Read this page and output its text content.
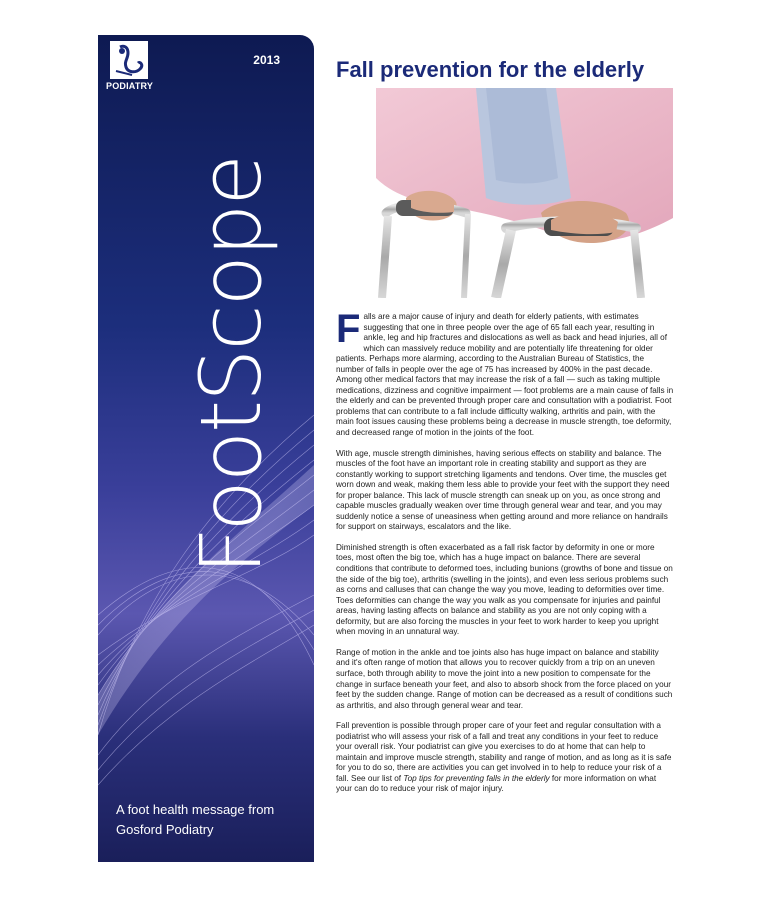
PODIATRY
2013
FootScope
A foot health message from
Gosford Podiatry
Fall prevention for the elderly

Falls are a major cause of injury and death for elderly patients, with estimates suggesting that one in three people over the age of 65 fall each year, resulting in ankle, leg and hip fractures and dislocations as well as back and head injuries, all of which can massively reduce mobility and are potentially life threatening for older patients. Perhaps more alarming, according to the Australian Bureau of Statistics, the number of falls in people over the age of 75 has increased by 400% in the past decade. Among other medical factors that may increase the risk of a fall — such as taking multiple medications, dizziness and cognitive impairment — foot problems are a main cause of falls in the elderly and can be prevented through proper care and consultation with a podiatrist. Foot problems that can contribute to a fall include difficulty walking, arthritis and pain, with the main foot issues causing these problems being a decrease in muscle strength, toe deformity, and decreased range of motion in the joints of the foot.

With age, muscle strength diminishes, having serious effects on stability and balance. The muscles of the foot have an important role in creating stability and support as they are constantly working to support stretching ligaments and tendons. Over time, the muscles get worn down and weak, making them less able to provide your feet with the support they need for proper balance. This lack of muscle strength can sneak up on you, as once strong and capable muscles gradually weaken over time through general wear and tear, and you may suddenly notice a sense of uneasiness when getting around and more reliance on handrails for support on stairways, escalators and the like.

Diminished strength is often exacerbated as a fall risk factor by deformity in one or more toes, most often the big toe, which has a huge impact on balance. There are several conditions that contribute to deformed toes, including bunions (growths of bone and tissue on the side of the big toe), arthritis (swelling in the joints), and even less serious problems such as corns and calluses that can change the way you move, leading to deformities over time. Toes deformities can change the way you walk as you compensate for injuries and painful areas, having lasting affects on balance and stability as you are not only coping with a deformity, but are also forcing the muscles in your feet to work harder to keep you upright when moving in an unnatural way.

Range of motion in the ankle and toe joints also has huge impact on balance and stability and it's often range of motion that allows you to recover quickly from a trip on an uneven surface, both through ability to move the joint into a new position to compensate for the change in surface beneath your feet, and also to absorb shock from the force placed on your feet by the sudden change. Range of motion can be decreased as a result of conditions such as arthritis, and also through general wear and tear.

Fall prevention is possible through proper care of your feet and regular consultation with a podiatrist who will assess your risk of a fall and treat any conditions in your feet to reduce your overall risk. Your podiatrist can give you exercises to do at home that can help to maintain and improve muscle strength, stability and range of motion, and as long as it is safe for you to do so, there are activities you can get involved in to help to reduce your risk of a fall. See our list of Top tips for preventing falls in the elderly for more information on what your can do to reduce your risk of major injury.
